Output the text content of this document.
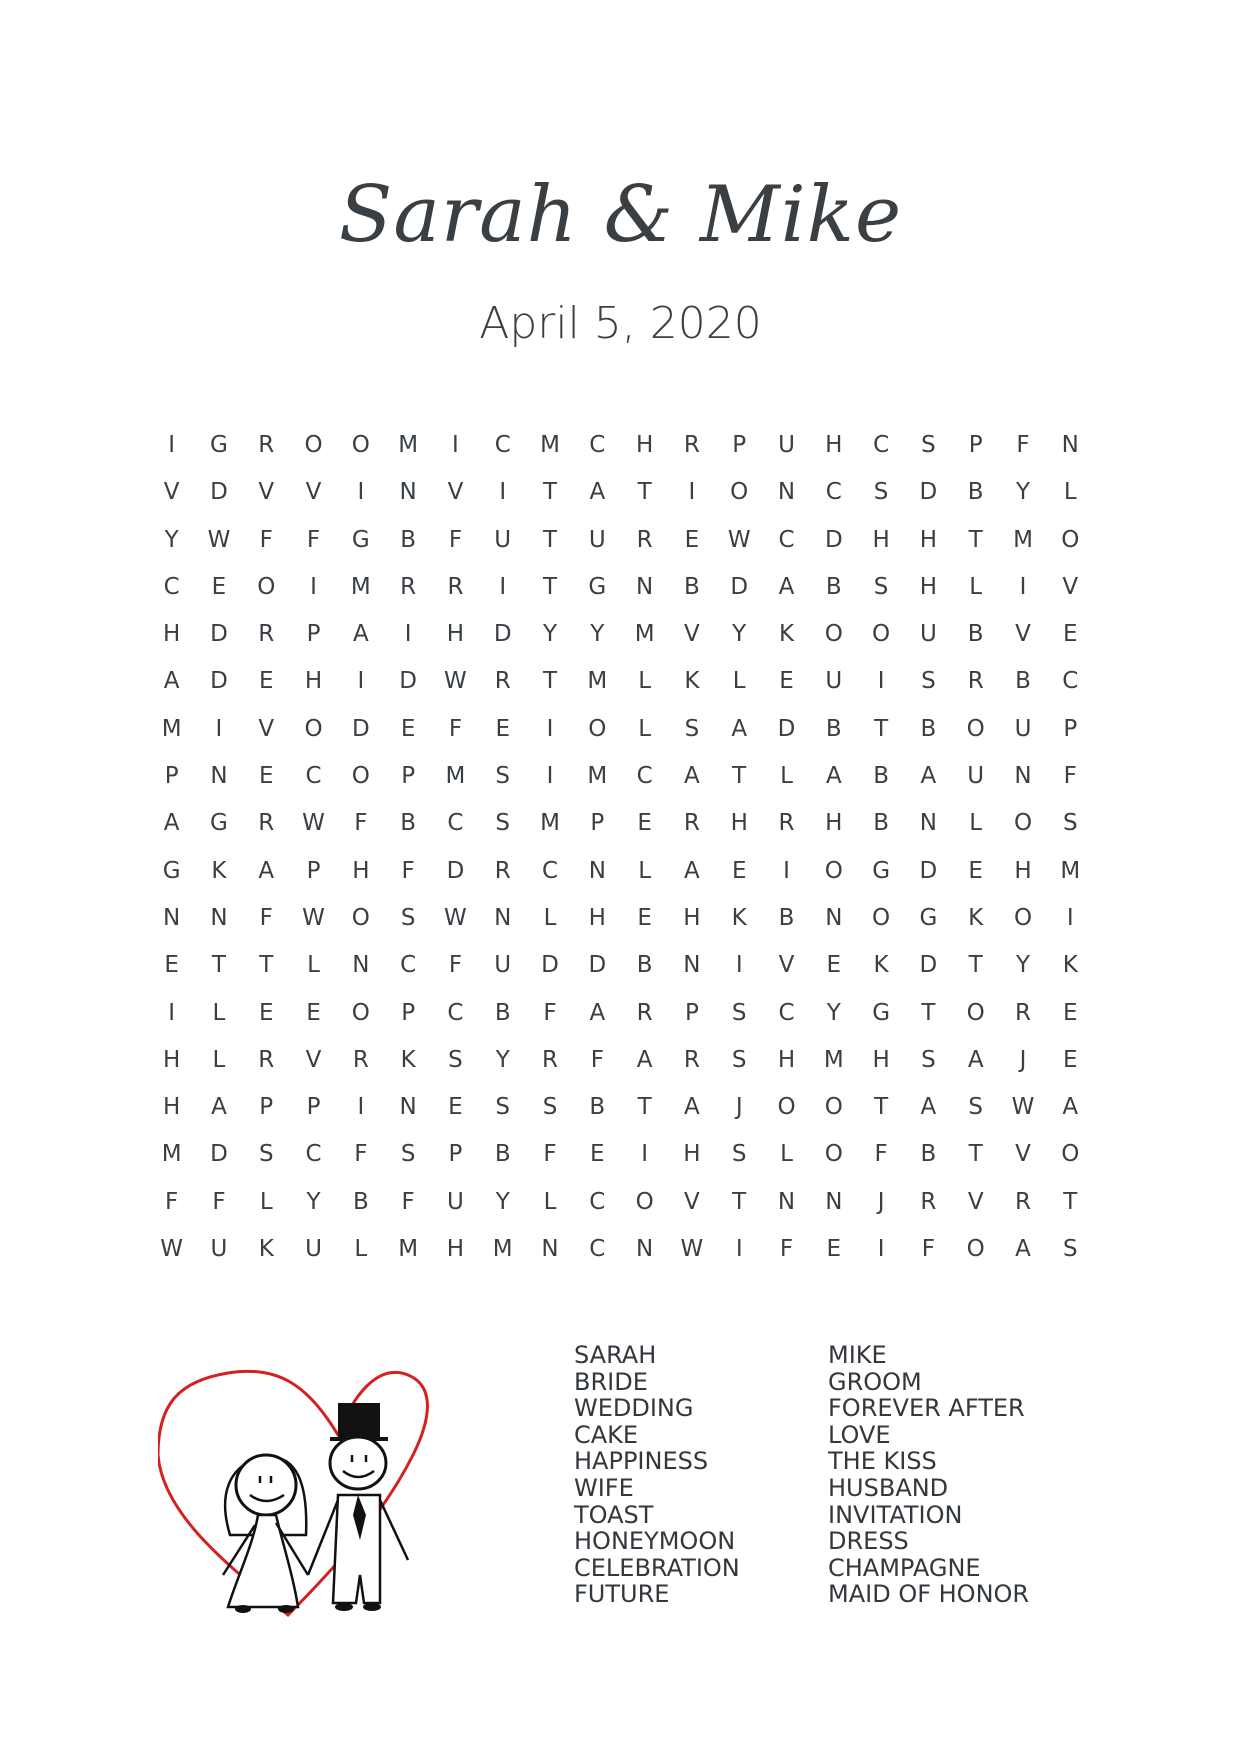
Sarah & Mike
April 5, 2020
I	G	R	O	O	M	I	C	M	C	H	R	P	U	H	C	S	P	F	N
V	D	V	V	I	N	V	I	T	A	T	I	O	N	C	S	D	B	Y	L
Y	W	F	F	G	B	F	U	T	U	R	E	W	C	D	H	H	T	M	O
C	E	O	I	M	R	R	I	T	G	N	B	D	A	B	S	H	L	I	V
H	D	R	P	A	I	H	D	Y	Y	M	V	Y	K	O	O	U	B	V	E
A	D	E	H	I	D	W	R	T	M	L	K	L	E	U	I	S	R	B	C
M	I	V	O	D	E	F	E	I	O	L	S	A	D	B	T	B	O	U	P
P	N	E	C	O	P	M	S	I	M	C	A	T	L	A	B	A	U	N	F
A	G	R	W	F	B	C	S	M	P	E	R	H	R	H	B	N	L	O	S
G	K	A	P	H	F	D	R	C	N	L	A	E	I	O	G	D	E	H	M
N	N	F	W	O	S	W	N	L	H	E	H	K	B	N	O	G	K	O	I
E	T	T	L	N	C	F	U	D	D	B	N	I	V	E	K	D	T	Y	K
I	L	E	E	O	P	C	B	F	A	R	P	S	C	Y	G	T	O	R	E
H	L	R	V	R	K	S	Y	R	F	A	R	S	H	M	H	S	A	J	E
H	A	P	P	I	N	E	S	S	B	T	A	J	O	O	T	A	S	W	A
M	D	S	C	F	S	P	B	F	E	I	H	S	L	O	F	B	T	V	O
F	F	L	Y	B	F	U	Y	L	C	O	V	T	N	N	J	R	V	R	T
W	U	K	U	L	M	H	M	N	C	N	W	I	F	E	I	F	O	A	S
SARAH
BRIDE
WEDDING
CAKE
HAPPINESS
WIFE
TOAST
HONEYMOON
CELEBRATION
FUTURE
MIKE
GROOM
FOREVER AFTER
LOVE
THE KISS
HUSBAND
INVITATION
DRESS
CHAMPAGNE
MAID OF HONOR
